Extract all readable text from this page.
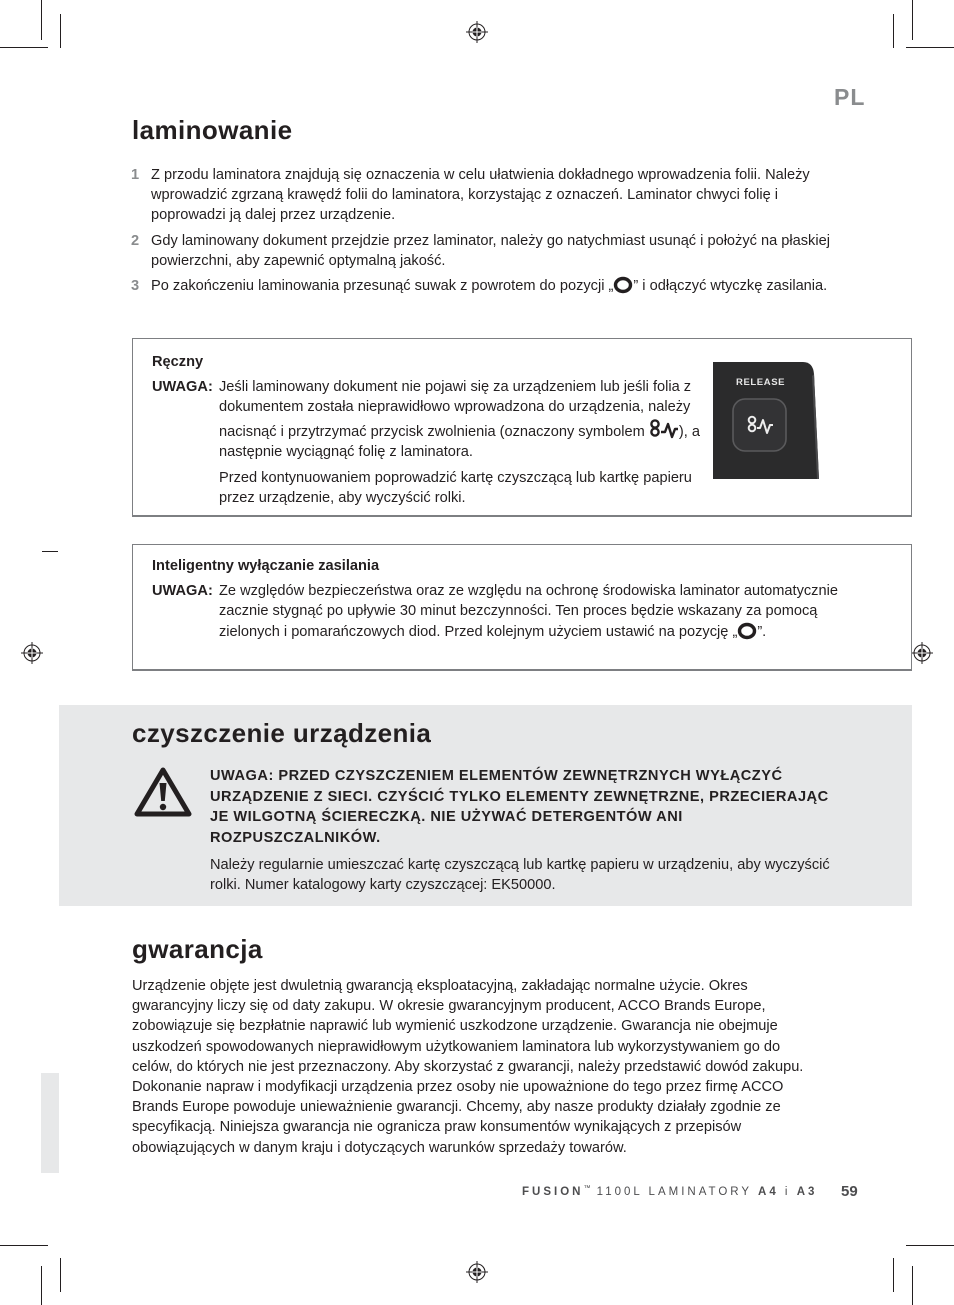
PL
laminowanie
1 Z przodu laminatora znajdują się oznaczenia w celu ułatwienia dokładnego wprowadzenia folii. Należy wprowadzić zgrzaną krawędź folii do laminatora, korzystając z oznaczeń. Laminator chwyci folię i poprowadzi ją dalej przez urządzenie.
2 Gdy laminowany dokument przejdzie przez laminator, należy go natychmiast usunąć i położyć na płaskiej powierzchni, aby zapewnić optymalną jakość.
3 Po zakończeniu laminowania przesunąć suwak z powrotem do pozycji „ ” i odłączyć wtyczkę zasilania.
Ręczny
UWAGA: Jeśli laminowany dokument nie pojawi się za urządzeniem lub jeśli folia z dokumentem została nieprawidłowo wprowadzona do urządzenia, należy nacisnąć i przytrzymać przycisk zwolnienia (oznaczony symbolem ), a następnie wyciągnąć folię z laminatora.

Przed kontynuowaniem poprowadzić kartę czyszczącą lub kartkę papieru przez urządzenie, aby wyczyścić rolki.

RELEASE
Inteligentny wyłączanie zasilania
UWAGA: Ze względów bezpieczeństwa oraz ze względu na ochronę środowiska laminator automatycznie zacznie stygnąć po upływie 30 minut bezczynności. Ten proces będzie wskazany za pomocą zielonych i pomarańczowych diod. Przed kolejnym użyciem ustawić na pozycję „ ”.

czyszczenie urządzenia
UWAGA: PRZED CZYSZCZENIEM ELEMENTÓW ZEWNĘTRZNYCH WYŁĄCZYĆ URZĄDZENIE Z SIECI. CZYŚCIĆ TYLKO ELEMENTY ZEWNĘTRZNE, PRZECIERAJĄC JE WILGOTNĄ ŚCIERECZKĄ. NIE UŻYWAĆ DETERGENTÓW ANI ROZPUSZCZALNIKÓW.
Należy regularnie umieszczać kartę czyszczącą lub kartkę papieru w urządzeniu, aby wyczyścić rolki. Numer katalogowy karty czyszczącej: EK50000.
gwarancja
Urządzenie objęte jest dwuletnią gwarancją eksploatacyjną, zakładając normalne użycie. Okres gwarancyjny liczy się od daty zakupu. W okresie gwarancyjnym producent, ACCO Brands Europe, zobowiązuje się bezpłatnie naprawić lub wymienić uszkodzone urządzenie. Gwarancja nie obejmuje uszkodzeń spowodowanych nieprawidłowym użytkowaniem laminatora lub wykorzystywaniem go do celów, do których nie jest przeznaczony. Aby skorzystać z gwarancji, należy przedstawić dowód zakupu. Dokonanie napraw i modyfikacji urządzenia przez osoby nie upoważnione do tego przez firmę ACCO Brands Europe powoduje unieważnienie gwarancji. Chcemy, aby nasze produkty działały zgodnie ze specyfikacją. Niniejsza gwarancja nie ogranicza praw konsumentów wynikających z przepisów obowiązujących w danym kraju i dotyczących warunków sprzedaży towarów.
FUSION™ 1100L LAMINATORY A4 i A3 59
